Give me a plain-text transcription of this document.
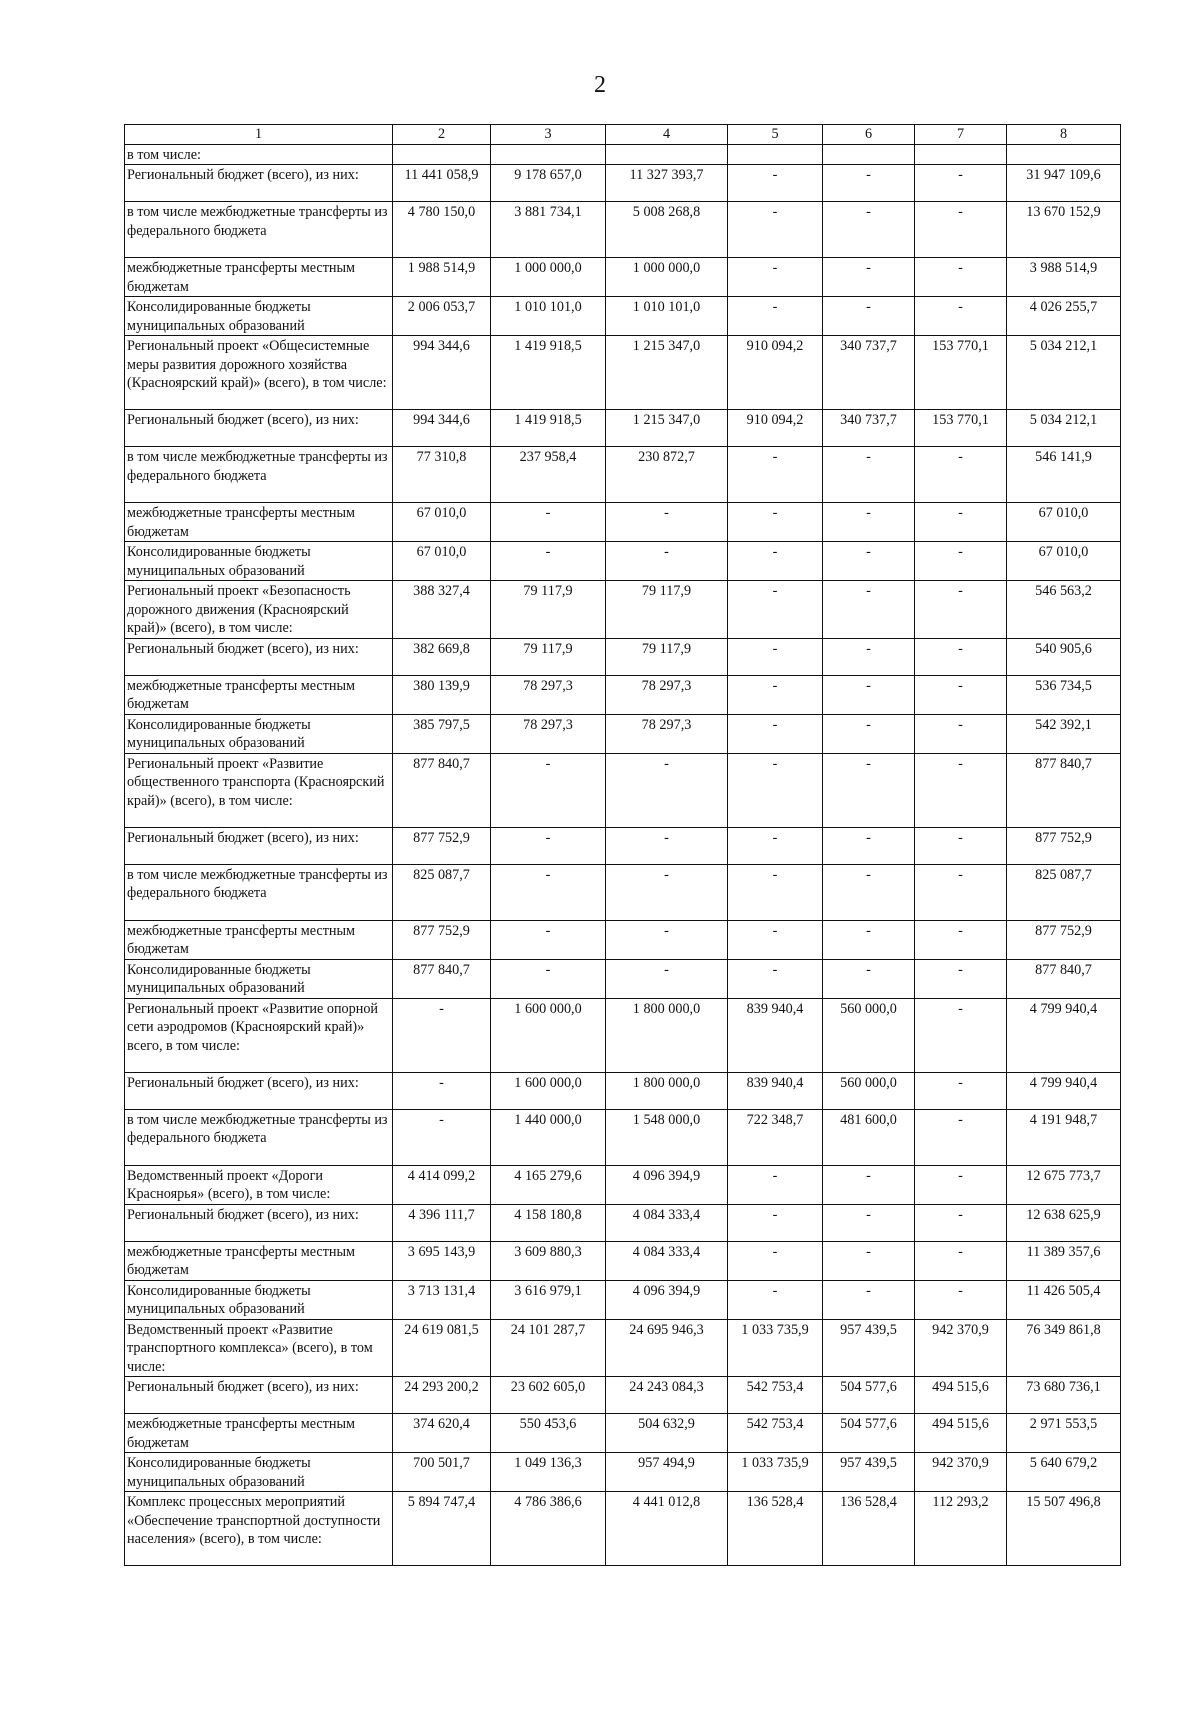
2
1	2	3	4	5	6	7	8
в том числе:							
Региональный бюджет (всего), из них:	11 441 058,9	9 178 657,0	11 327 393,7	-	-	-	31 947 109,6
в том числе межбюджетные трансферты из федерального бюджета	4 780 150,0	3 881 734,1	5 008 268,8	-	-	-	13 670 152,9
межбюджетные трансферты местным бюджетам	1 988 514,9	1 000 000,0	1 000 000,0	-	-	-	3 988 514,9
Консолидированные бюджеты муниципальных образований	2 006 053,7	1 010 101,0	1 010 101,0	-	-	-	4 026 255,7
Региональный проект «Общесистемные меры развития дорожного хозяйства (Красноярский край)» (всего), в том числе:	994 344,6	1 419 918,5	1 215 347,0	910 094,2	340 737,7	153 770,1	5 034 212,1
Региональный бюджет (всего), из них:	994 344,6	1 419 918,5	1 215 347,0	910 094,2	340 737,7	153 770,1	5 034 212,1
в том числе межбюджетные трансферты из федерального бюджета	77 310,8	237 958,4	230 872,7	-	-	-	546 141,9
межбюджетные трансферты местным бюджетам	67 010,0	-	-	-	-	-	67 010,0
Консолидированные бюджеты муниципальных образований	67 010,0	-	-	-	-	-	67 010,0
Региональный проект «Безопасность дорожного движения (Красноярский край)» (всего), в том числе:	388 327,4	79 117,9	79 117,9	-	-	-	546 563,2
Региональный бюджет (всего), из них:	382 669,8	79 117,9	79 117,9	-	-	-	540 905,6
межбюджетные трансферты местным бюджетам	380 139,9	78 297,3	78 297,3	-	-	-	536 734,5
Консолидированные бюджеты муниципальных образований	385 797,5	78 297,3	78 297,3	-	-	-	542 392,1
Региональный проект «Развитие общественного транспорта (Красноярский край)» (всего), в том числе:	877 840,7	-	-	-	-	-	877 840,7
Региональный бюджет (всего), из них:	877 752,9	-	-	-	-	-	877 752,9
в том числе межбюджетные трансферты из федерального бюджета	825 087,7	-	-	-	-	-	825 087,7
межбюджетные трансферты местным бюджетам	877 752,9	-	-	-	-	-	877 752,9
Консолидированные бюджеты муниципальных образований	877 840,7	-	-	-	-	-	877 840,7
Региональный проект «Развитие опорной сети аэродромов (Красноярский край)» всего, в том числе:	-	1 600 000,0	1 800 000,0	839 940,4	560 000,0	-	4 799 940,4
Региональный бюджет (всего), из них:	-	1 600 000,0	1 800 000,0	839 940,4	560 000,0	-	4 799 940,4
в том числе межбюджетные трансферты из федерального бюджета	-	1 440 000,0	1 548 000,0	722 348,7	481 600,0	-	4 191 948,7
Ведомственный проект «Дороги Красноярья» (всего), в том числе:	4 414 099,2	4 165 279,6	4 096 394,9	-	-	-	12 675 773,7
Региональный бюджет (всего), из них:	4 396 111,7	4 158 180,8	4 084 333,4	-	-	-	12 638 625,9
межбюджетные трансферты местным бюджетам	3 695 143,9	3 609 880,3	4 084 333,4	-	-	-	11 389 357,6
Консолидированные бюджеты муниципальных образований	3 713 131,4	3 616 979,1	4 096 394,9	-	-	-	11 426 505,4
Ведомственный проект «Развитие транспортного комплекса» (всего), в том числе:	24 619 081,5	24 101 287,7	24 695 946,3	1 033 735,9	957 439,5	942 370,9	76 349 861,8
Региональный бюджет (всего), из них:	24 293 200,2	23 602 605,0	24 243 084,3	542 753,4	504 577,6	494 515,6	73 680 736,1
межбюджетные трансферты местным бюджетам	374 620,4	550 453,6	504 632,9	542 753,4	504 577,6	494 515,6	2 971 553,5
Консолидированные бюджеты муниципальных образований	700 501,7	1 049 136,3	957 494,9	1 033 735,9	957 439,5	942 370,9	5 640 679,2
Комплекс процессных мероприятий «Обеспечение транспортной доступности населения» (всего), в том числе:	5 894 747,4	4 786 386,6	4 441 012,8	136 528,4	136 528,4	112 293,2	15 507 496,8
